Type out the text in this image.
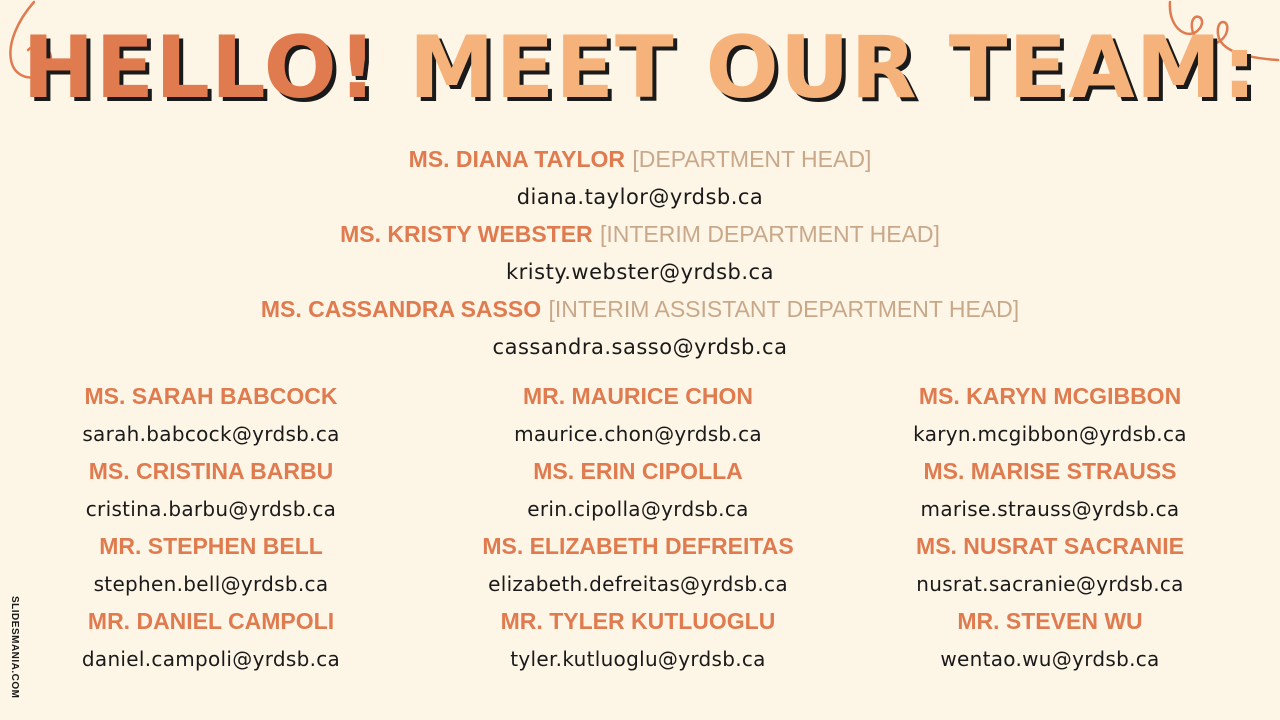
HELLO! MEET OUR TEAM:
MS. DIANA TAYLOR [DEPARTMENT HEAD]
diana.taylor@yrdsb.ca
MS. KRISTY WEBSTER [INTERIM DEPARTMENT HEAD]
kristy.webster@yrdsb.ca
MS. CASSANDRA SASSO [INTERIM ASSISTANT DEPARTMENT HEAD]
cassandra.sasso@yrdsb.ca
MS. SARAH BABCOCK
sarah.babcock@yrdsb.ca
MS. CRISTINA BARBU
cristina.barbu@yrdsb.ca
MR. STEPHEN BELL
stephen.bell@yrdsb.ca
MR. DANIEL CAMPOLI
daniel.campoli@yrdsb.ca
MR. MAURICE CHON
maurice.chon@yrdsb.ca
MS. ERIN CIPOLLA
erin.cipolla@yrdsb.ca
MS. ELIZABETH DEFREITAS
elizabeth.defreitas@yrdsb.ca
MR. TYLER KUTLUOGLU
tyler.kutluoglu@yrdsb.ca
MS. KARYN MCGIBBON
karyn.mcgibbon@yrdsb.ca
MS. MARISE STRAUSS
marise.strauss@yrdsb.ca
MS. NUSRAT SACRANIE
nusrat.sacranie@yrdsb.ca
MR. STEVEN WU
wentao.wu@yrdsb.ca
SLIDESMANIA.COM
